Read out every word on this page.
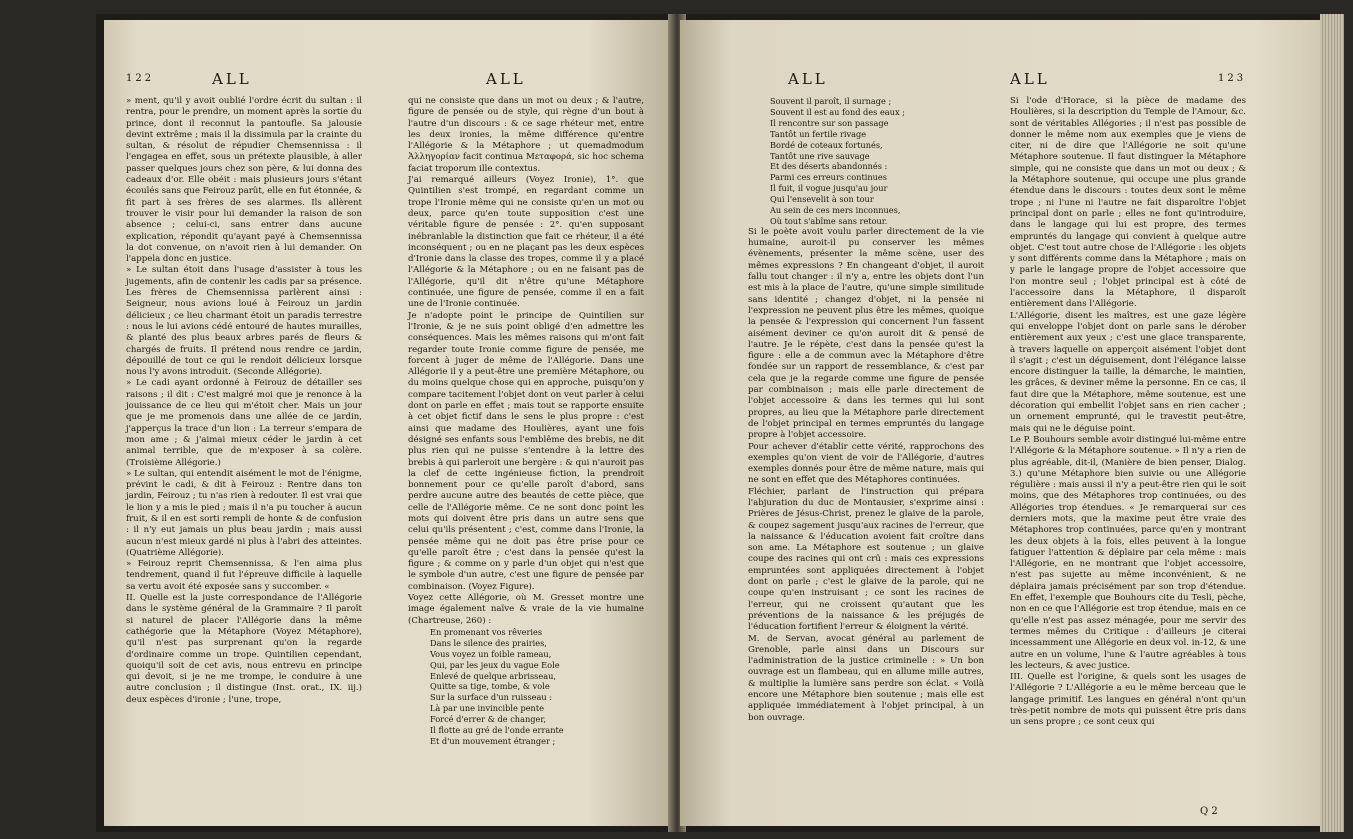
122	ALL	ALL

» ment, qu'il y avoit oublié l'ordre écrit du sultan : il rentra, pour le prendre, un moment après la sortie du prince, dont il reconnut la pantoufle. Sa jalousie devint extrême ; mais il la dissimula par la crainte du sultan, & résolut de répudier Chemsennissa : il l'engagea en effet, sous un prétexte plausible, à aller passer quelques jours chez son père, & lui donna des cadeaux d'or. Elle obéit : mais plusieurs jours s'étant écoulés sans que Feirouz parût, elle en fut étonnée, & fit part à ses frères de ses alarmes. Ils allèrent trouver le visir pour lui demander la raison de son absence ; celui-ci, sans entrer dans aucune explication, répondit qu'ayant payé à Chemsennissa la dot convenue, on n'avoit rien à lui demander. On l'appela donc en justice.

» Le sultan étoit dans l'usage d'assister à tous les jugements, afin de contenir les cadis par sa présence. Les frères de Chemsennissa parlèrent ainsi : Seigneur, nous avions loué à Feirouz un jardin délicieux ; ce lieu charmant étoit un paradis terrestre : nous le lui avions cédé entouré de hautes murailles, & planté des plus beaux arbres parés de fleurs & chargés de fruits. Il prétend nous rendre ce jardin, dépouillé de tout ce qui le rendoit délicieux lorsque nous l'y avons introduit. (Seconde Allégorie).

» Le cadi ayant ordonné à Feirouz de détailler ses raisons ; il dit : C'est malgré moi que je renonce à la jouissance de ce lieu qui m'étoit cher. Mais un jour que je me promenois dans une allée de ce jardin, j'apperçus la trace d'un lion : La terreur s'empara de mon ame ; & j'aimai mieux céder le jardin à cet animal terrible, que de m'exposer à sa colère. (Troisième Allégorie.)

» Le sultan, qui entendit aisément le mot de l'énigme, prévint le cadi, & dit à Feirouz : Rentre dans ton jardin, Feirouz ; tu n'as rien à redouter. Il est vrai que le lion y a mis le pied ; mais il n'a pu toucher à aucun fruit, & il en est sorti rempli de honte & de confusion : il n'y eut jamais un plus beau jardin ; mais aussi aucun n'est mieux gardé ni plus à l'abri des atteintes. (Quatrième Allégorie).

» Feirouz reprit Chemsennissa, & l'en aima plus tendrement, quand il fut l'épreuve difficile à laquelle sa vertu avoit été exposée sans y succomber. «

II. Quelle est la juste correspondance de l'Allégorie dans le système général de la Grammaire ? Il paroît si naturel de placer l'Allégorie dans la même cathégorie que la Métaphore (Voyez Métaphore), qu'il n'est pas surprenant qu'on la regarde d'ordinaire comme un trope. Quintilien cependant, quoiqu'il soit de cet avis, nous entrevu en principe qui devoit, si je ne me trompe, le conduire à une autre conclusion ; il distingue (Inst. orat., IX. iij.) deux espèces d'ironie ; l'une, trope,

qui ne consiste que dans un mot ou deux ; & l'autre, figure de pensée ou de style, qui règne d'un bout à l'autre d'un discours : & ce sage rhéteur met, entre les deux ironies, la même différence qu'entre l'Allégorie & la Métaphore ; ut quemadmodum Ἀλληγορίαν facit continua Μεταφορά, sic hoc schema faciat troporum ille contextus.

J'ai remarqué ailleurs (Voyez Ironie), 1°. que Quintilien s'est trompé, en regardant comme un trope l'Ironie même qui ne consiste qu'en un mot ou deux, parce qu'en toute supposition c'est une véritable figure de pensée : 2°. qu'en supposant inébranlable la distinction que fait ce rhéteur, il a été inconséquent ; ou en ne plaçant pas les deux espèces d'Ironie dans la classe des tropes, comme il y a placé l'Allégorie & la Métaphore ; ou en ne faisant pas de l'Allégorie, qu'il dit n'être qu'une Métaphore continuée, une figure de pensée, comme il en a fait une de l'Ironie continuée.

Je n'adopte point le principe de Quintilien sur l'Ironie, & je ne suis point obligé d'en admettre les conséquences. Mais les mêmes raisons qui m'ont fait regarder toute Ironie comme figure de pensée, me forcent à juger de même de l'Allégorie. Dans une Allégorie il y a peut-être une première Métaphore, ou du moins quelque chose qui en approche, puisqu'on y compare tacitement l'objet dont on veut parler à celui dont on parle en effet ; mais tout se rapporte ensuite à cet objet fictif dans le sens le plus propre : c'est ainsi que madame des Houlières, ayant une fois désigné ses enfants sous l'emblême des brebis, ne dit plus rien qui ne puisse s'entendre à la lettre des brebis à qui parleroit une bergère : & qui n'auroit pas la clef de cette ingénieuse fiction, la prendroit bonnement pour ce qu'elle paroît d'abord, sans perdre aucune autre des beautés de cette pièce, que celle de l'Allégorie même. Ce ne sont donc point les mots qui doivent être pris dans un autre sens que celui qu'ils présentent ; c'est, comme dans l'Ironie, la pensée même qui ne doit pas être prise pour ce qu'elle paroît être ; c'est dans la pensée qu'est la figure ; & comme on y parle d'un objet qui n'est que le symbole d'un autre, c'est une figure de pensée par combinaison. (Voyez Figure).

Voyez cette Allégorie, où M. Gresset montre une image également naïve & vraie de la vie humaine (Chartreuse, 260) :

En promenant vos rêveries

Dans le silence des prairies,

Vous voyez un foible rameau,

Qui, par les jeux du vague Eole

Enlevé de quelque arbrisseau,

Quitte sa tige, tombe, & vole

Sur la surface d'un ruisseau :

Là par une invincible pente

Forcé d'errer & de changer,

Il flotte au gré de l'onde errante

Et d'un mouvement étranger ;

ALL	ALL	123

Souvent il paroît, il surnage ;

Souvent il est au fond des eaux ;

Il rencontre sur son passage

Tantôt un fertile rivage

Bordé de coteaux fortunés,

Tantôt une rive sauvage

Et des déserts abandonnés :

Parmi ces erreurs continues

Il fuit, il vogue jusqu'au jour

Qui l'ensevelit à son tour

Au sein de ces mers inconnues,

Où tout s'abîme sans retour.

Si le poète avoit voulu parler directement de la vie humaine, auroit-il pu conserver les mêmes évènements, présenter la même scène, user des mêmes expressions ? En changeant d'objet, il auroit fallu tout changer : il n'y a, entre les objets dont l'un est mis à la place de l'autre, qu'une simple similitude sans identité ; changez d'objet, ni la pensée ni l'expression ne peuvent plus être les mêmes, quoique la pensée & l'expression qui concernent l'un fassent aisément deviner ce qu'on auroit dit & pensé de l'autre. Je le répète, c'est dans la pensée qu'est la figure : elle a de commun avec la Métaphore d'être fondée sur un rapport de ressemblance, & c'est par cela que je la regarde comme une figure de pensée par combinaison ; mais elle parle directement de l'objet accessoire & dans les termes qui lui sont propres, au lieu que la Métaphore parle directement de l'objet principal en termes empruntés du langage propre à l'objet accessoire.

Pour achever d'établir cette vérité, rapprochons des exemples qu'on vient de voir de l'Allégorie, d'autres exemples donnés pour être de même nature, mais qui ne sont en effet que des Métaphores continuées.

Fléchier, parlant de l'instruction qui prépara l'abjuration du duc de Montausier, s'exprime ainsi : Prières de Jésus-Christ, prenez le glaive de la parole, & coupez sagement jusqu'aux racines de l'erreur, que la naissance & l'éducation avoient fait croître dans son ame. La Métaphore est soutenue ; un glaive coupe des racines qui ont crû : mais ces expressions empruntées sont appliquées directement à l'objet dont on parle ; c'est le glaive de la parole, qui ne coupe qu'en instruisant ; ce sont les racines de l'erreur, qui ne croissent qu'autant que les préventions de la naissance & les préjugés de l'éducation fortifient l'erreur & éloignent la vérité.

M. de Servan, avocat général au parlement de Grenoble, parle ainsi dans un Discours sur l'administration de la justice criminelle : » Un bon ouvrage est un flambeau, qui en allume mille autres, & multiplie la lumière sans perdre son éclat. « Voilà encore une Métaphore bien soutenue ; mais elle est appliquée immédiatement à l'objet principal, à un bon ouvrage.

Si l'ode d'Horace, si la pièce de madame des Houlières, si la description du Temple de l'Amour, &c. sont de véritables Allégories ; il n'est pas possible de donner le même nom aux exemples que je viens de citer, ni de dire que l'Allégorie ne soit qu'une Métaphore soutenue. Il faut distinguer la Métaphore simple, qui ne consiste que dans un mot ou deux ; & la Métaphore soutenue, qui occupe une plus grande étendue dans le discours : toutes deux sont le même trope ; ni l'une ni l'autre ne fait disparoître l'objet principal dont on parle ; elles ne font qu'introduire, dans le langage qui lui est propre, des termes empruntés du langage qui convient à quelque autre objet. C'est tout autre chose de l'Allégorie : les objets y sont différents comme dans la Métaphore ; mais on y parle le langage propre de l'objet accessoire que l'on montre seul ; l'objet principal est à côté de l'accessoire dans la Métaphore, il disparoît entièrement dans l'Allégorie.

L'Allégorie, disent les maîtres, est une gaze légère qui enveloppe l'objet dont on parle sans le dérober entièrement aux yeux ; c'est une glace transparente, à travers laquelle on apperçoit aisément l'objet dont il s'agit ; c'est un déguisement, dont l'élégance laisse encore distinguer la taille, la démarche, le maintien, les grâces, & deviner même la personne. En ce cas, il faut dire que la Métaphore, même soutenue, est une décoration qui embellit l'objet sans en rien cacher ; un ornement emprunté, qui le travestit peut-être, mais qui ne le déguise point.

Le P. Bouhours semble avoir distingué lui-même entre l'Allégorie & la Métaphore soutenue. » Il n'y a rien de plus agréable, dit-il, (Manière de bien penser, Dialog. 3.) qu'une Métaphore bien suivie ou une Allégorie régulière : mais aussi il n'y a peut-être rien qui le soit moins, que des Métaphores trop continuées, ou des Allégories trop étendues. « Je remarquerai sur ces derniers mots, que la maxime peut être vraie des Métaphores trop continuées, parce qu'en y montrant les deux objets à la fois, elles peuvent à la longue fatiguer l'attention & déplaire par cela même : mais l'Allégorie, en ne montrant que l'objet accessoire, n'est pas sujette au même inconvénient, & ne déplaira jamais précisément par son trop d'étendue. En effet, l'exemple que Bouhours cite du Tesli, pèche, non en ce que l'Allégorie est trop étendue, mais en ce qu'elle n'est pas assez ménagée, pour me servir des termes mêmes du Critique : d'ailleurs je citerai incessamment une Allégorie en deux vol. in-12, & une autre en un volume, l'une & l'autre agréables à tous les lecteurs, & avec justice.

III. Quelle est l'origine, & quels sont les usages de l'Allégorie ? L'Allégorie a eu le même berceau que le langage primitif. Les langues en général n'ont qu'un très-petit nombre de mots qui puissent être pris dans un sens propre ; ce sont ceux qui

Q 2
